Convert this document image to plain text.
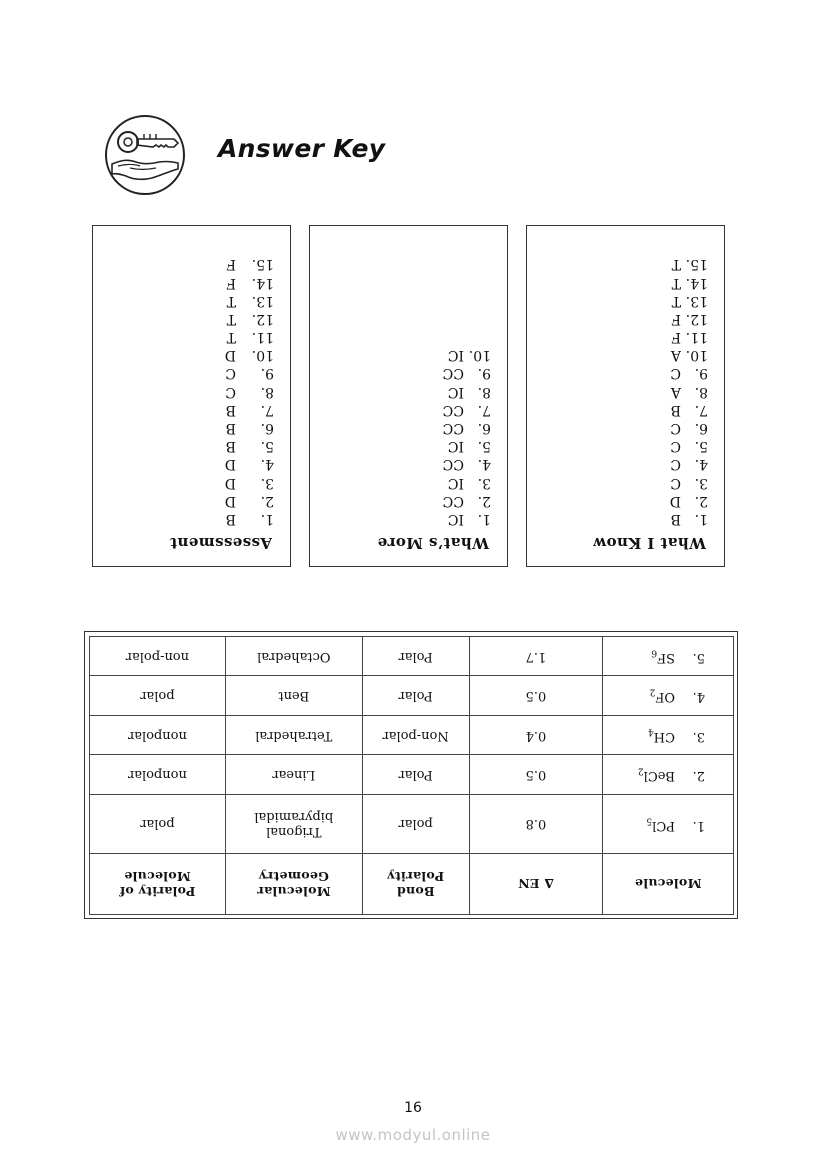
Answer Key
What I Know
1.B
2.D
3.C
4.C
5.C
6.C
7.B
8.A
9.C
10.A
11.F
12.F
13.T
14.T
15.T
What’s More
1.IC
2.CC
3.IC
4.CC
5.IC
6.CC
7.CC
8.IC
9.CC
10.IC
Assessment
1.B
2.D
3.D
4.D
5.B
6.B
7.B
8.C
9.C
10.D
11.T
12.T
13.T
14.F
15.F
Molecule	∆ EN	Bond Polarity	Molecular Geometry	Polarity of Molecule
1.PCl$_5$	0.8	polar	Trigonal bipyramidal	polar
2.BeCl$_2$	0.5	Polar	Linear	nonpolar
$3.CH_4$	0.4	Non-polar	Tetrahedral	nonpolar
$4.OF_2$	0.5	Polar	Bent	polar
$5.SF_6$	1.7	Polar	Octahedral	non-polar
16
www.modyul.online
